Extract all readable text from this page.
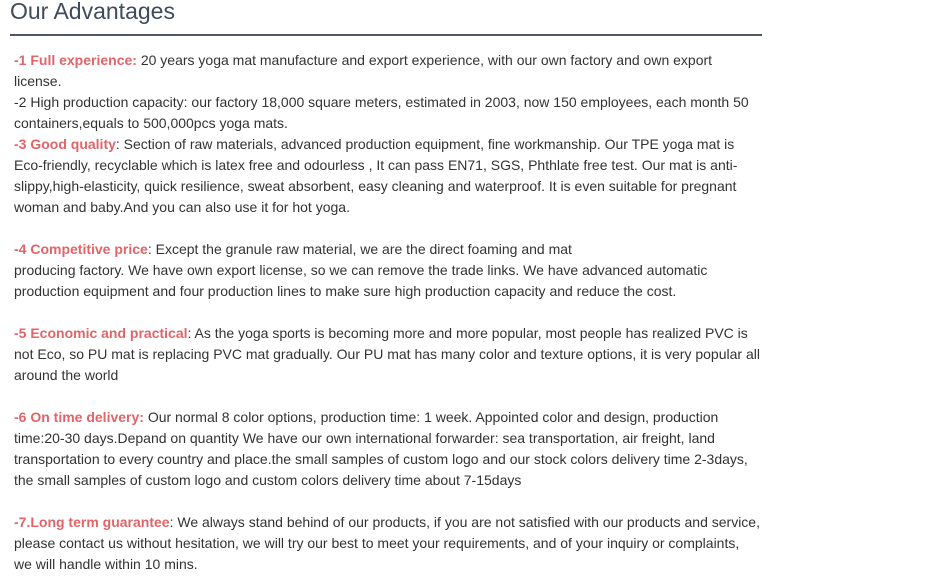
Our Advantages

-1 Full experience: 20 years yoga mat manufacture and export experience, with our own factory and own export license.

-2 High production capacity: our factory 18,000 square meters, estimated in 2003, now 150 employees, each month 50 containers,equals to 500,000pcs yoga mats.

-3 Good quality: Section of raw materials, advanced production equipment, fine workmanship. Our TPE yoga mat is Eco-friendly, recyclable which is latex free and odourless , It can pass EN71, SGS, Phthlate free test. Our mat is anti-slippy,high-elasticity, quick resilience, sweat absorbent, easy cleaning and waterproof. It is even suitable for pregnant woman and baby.And you can also use it for hot yoga.

-4 Competitive price: Except the granule raw material, we are the direct foaming and mat
producing factory. We have own export license, so we can remove the trade links. We have advanced automatic production equipment and four production lines to make sure high production capacity and reduce the cost.

-5 Economic and practical: As the yoga sports is becoming more and more popular, most people has realized PVC is not Eco, so PU mat is replacing PVC mat gradually. Our PU mat has many color and texture options, it is very popular all around the world

-6 On time delivery: Our normal 8 color options, production time: 1 week. Appointed color and design, production time:20-30 days.Depand on quantity We have our own international forwarder: sea transportation, air freight, land transportation to every country and place.the small samples of custom logo and our stock colors delivery time 2-3days, the small samples of custom logo and custom colors delivery time about 7-15days

-7.Long term guarantee: We always stand behind of our products, if you are not satisfied with our products and service, please contact us without hesitation, we will try our best to meet your requirements, and of your inquiry or complaints, we will handle within 10 mins.
